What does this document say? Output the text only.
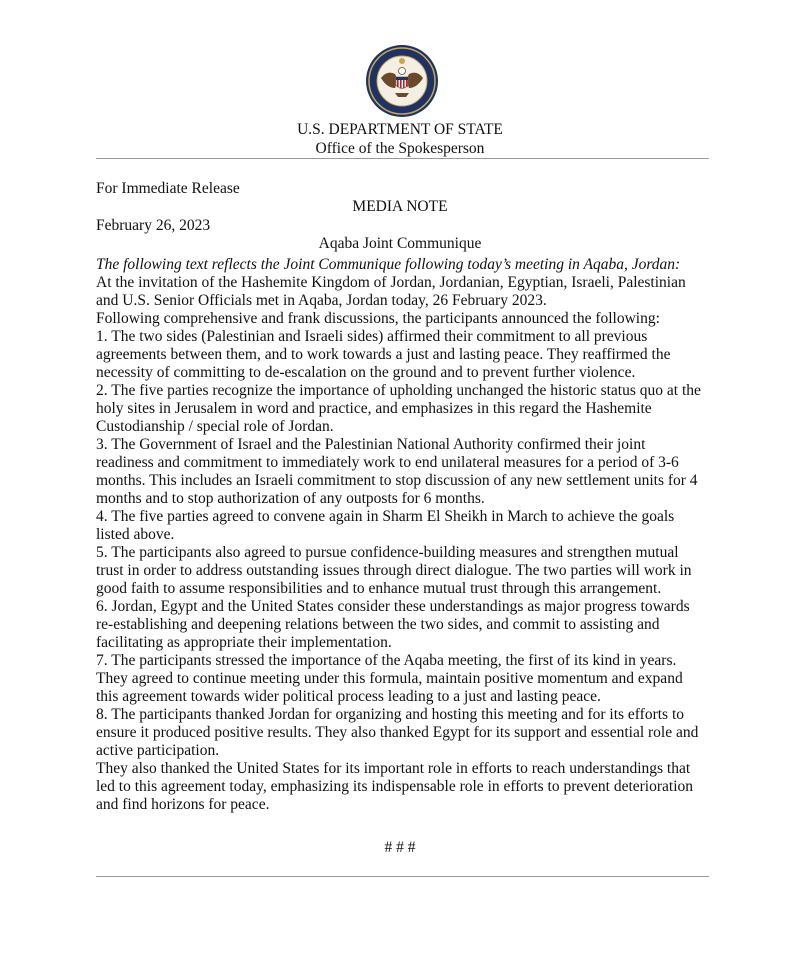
U.S. DEPARTMENT OF STATE
Office of the Spokesperson
For Immediate Release
MEDIA NOTE
February 26, 2023
Aqaba Joint Communique

The following text reflects the Joint Communique following today’s meeting in Aqaba, Jordan:

At the invitation of the Hashemite Kingdom of Jordan, Jordanian, Egyptian, Israeli, Palestinian

and U.S. Senior Officials met in Aqaba, Jordan today, 26 February 2023.

Following comprehensive and frank discussions, the participants announced the following:

1. The two sides (Palestinian and Israeli sides) affirmed their commitment to all previous

agreements between them, and to work towards a just and lasting peace. They reaffirmed the

necessity of committing to de-escalation on the ground and to prevent further violence.

2. The five parties recognize the importance of upholding unchanged the historic status quo at the

holy sites in Jerusalem in word and practice, and emphasizes in this regard the Hashemite

Custodianship / special role of Jordan.

3. The Government of Israel and the Palestinian National Authority confirmed their joint

readiness and commitment to immediately work to end unilateral measures for a period of 3-6

months. This includes an Israeli commitment to stop discussion of any new settlement units for 4

months and to stop authorization of any outposts for 6 months.

4. The five parties agreed to convene again in Sharm El Sheikh in March to achieve the goals

listed above.

5. The participants also agreed to pursue confidence-building measures and strengthen mutual

trust in order to address outstanding issues through direct dialogue. The two parties will work in

good faith to assume responsibilities and to enhance mutual trust through this arrangement.

6. Jordan, Egypt and the United States consider these understandings as major progress towards

re-establishing and deepening relations between the two sides, and commit to assisting and

facilitating as appropriate their implementation.

7. The participants stressed the importance of the Aqaba meeting, the first of its kind in years.

They agreed to continue meeting under this formula, maintain positive momentum and expand

this agreement towards wider political process leading to a just and lasting peace.

8. The participants thanked Jordan for organizing and hosting this meeting and for its efforts to

ensure it produced positive results. They also thanked Egypt for its support and essential role and

active participation.

They also thanked the United States for its important role in efforts to reach understandings that

led to this agreement today, emphasizing its indispensable role in efforts to prevent deterioration

and find horizons for peace.

# # #
